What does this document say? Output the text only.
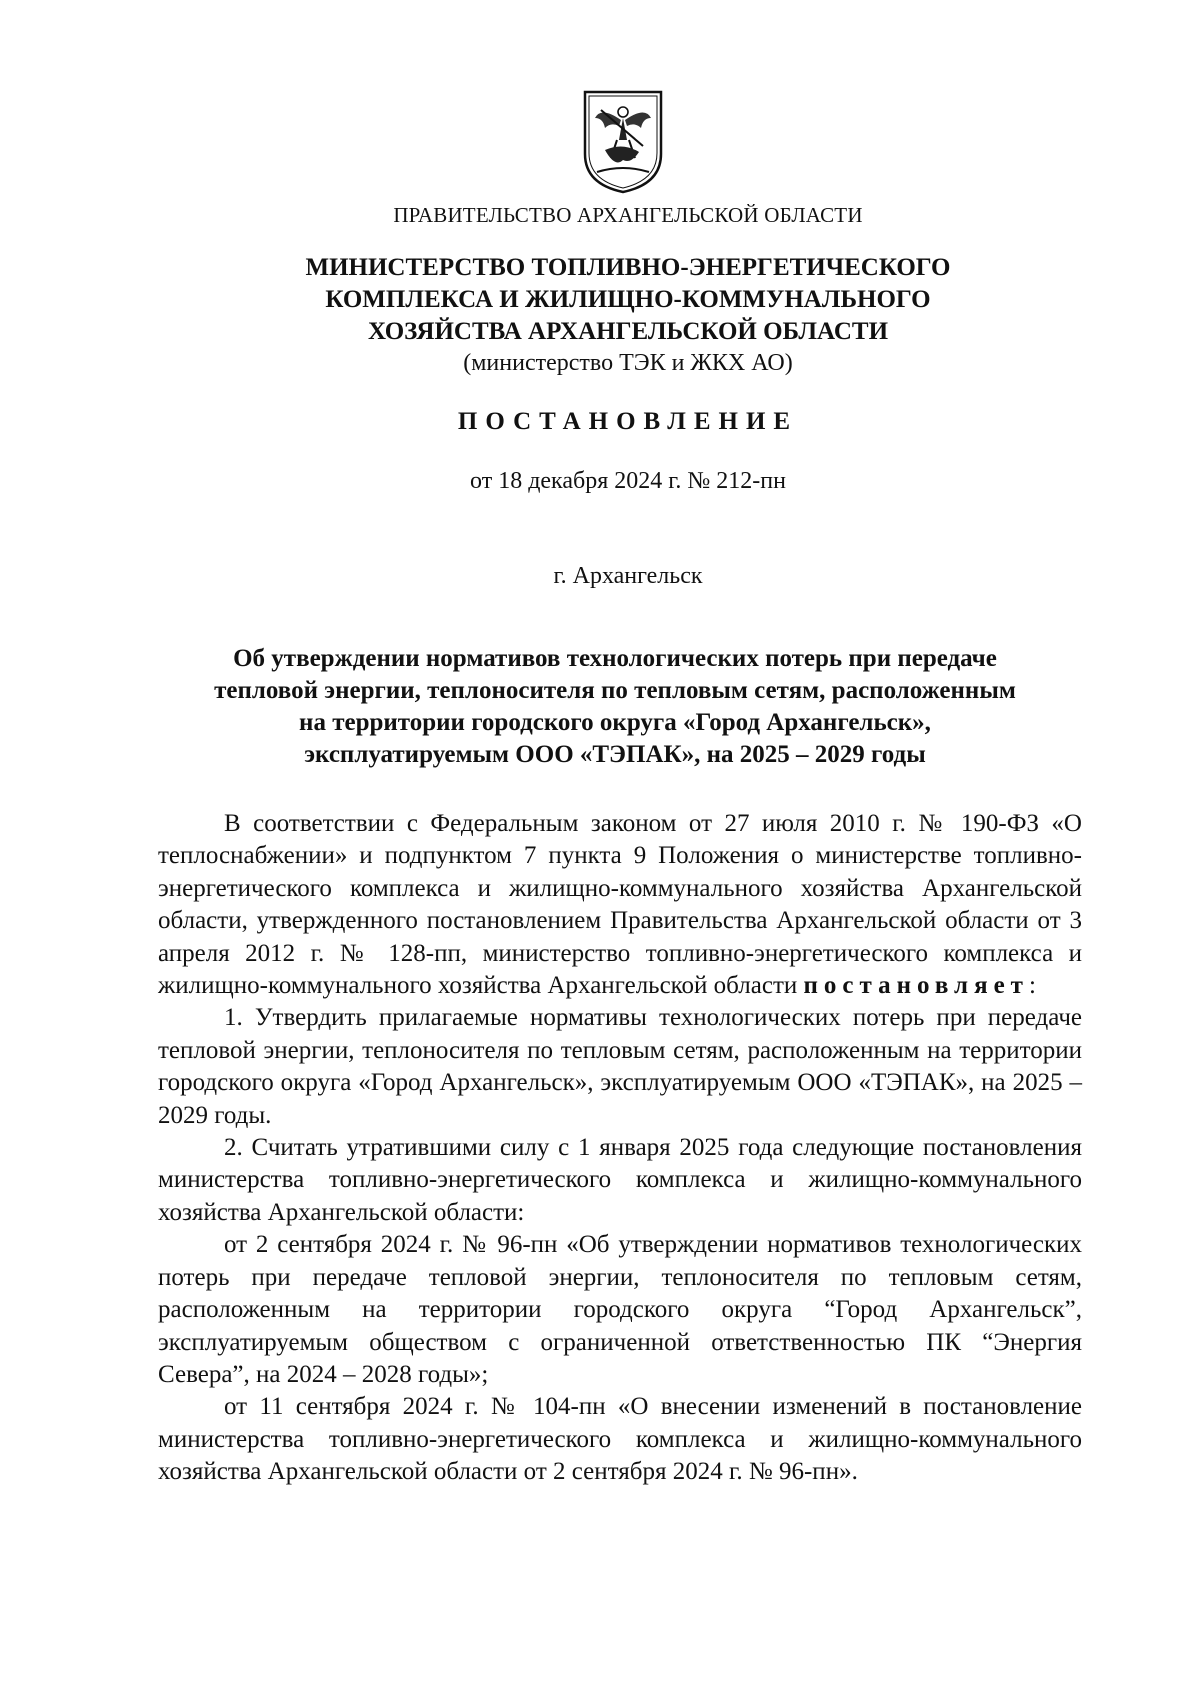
ПРАВИТЕЛЬСТВО АРХАНГЕЛЬСКОЙ ОБЛАСТИ
МИНИСТЕРСТВО ТОПЛИВНО-ЭНЕРГЕТИЧЕСКОГО
КОМПЛЕКСА И ЖИЛИЩНО-КОММУНАЛЬНОГО
ХОЗЯЙСТВА АРХАНГЕЛЬСКОЙ ОБЛАСТИ
(министерство ТЭК и ЖКХ АО)
ПОСТАНОВЛЕНИЕ
от 18 декабря 2024 г. № 212-пн
г. Архангельск
Об утверждении нормативов технологических потерь при передаче
тепловой энергии, теплоносителя по тепловым сетям, расположенным
на территории городского округа «Город Архангельск»,
эксплуатируемым ООО «ТЭПАК», на 2025 – 2029 годы

В соответствии с Федеральным законом от 27 июля 2010 г. № 190-ФЗ «О теплоснабжении» и подпунктом 7 пункта 9 Положения о министерстве топливно-энергетического комплекса и жилищно-коммунального хозяйства Архангельской области, утвержденного постановлением Правительства Архангельской области от 3 апреля 2012 г. № 128-пп, министерство топливно-энергетического комплекса и жилищно-коммунального хозяйства Архангельской области постановляет:

1. Утвердить прилагаемые нормативы технологических потерь при передаче тепловой энергии, теплоносителя по тепловым сетям, расположенным на территории городского округа «Город Архангельск», эксплуатируемым ООО «ТЭПАК», на 2025 – 2029 годы.

2. Считать утратившими силу с 1 января 2025 года следующие постановления министерства топливно-энергетического комплекса и жилищно-коммунального хозяйства Архангельской области:

от 2 сентября 2024 г. № 96-пн «Об утверждении нормативов технологических потерь при передаче тепловой энергии, теплоносителя по тепловым сетям, расположенным на территории городского округа “Город Архангельск”, эксплуатируемым обществом с ограниченной ответственностью ПК “Энергия Севера”, на 2024 – 2028 годы»;

от 11 сентября 2024 г. № 104-пн «О внесении изменений в постановление министерства топливно-энергетического комплекса и жилищно-коммунального хозяйства Архангельской области от 2 сентября 2024 г. № 96-пн».
